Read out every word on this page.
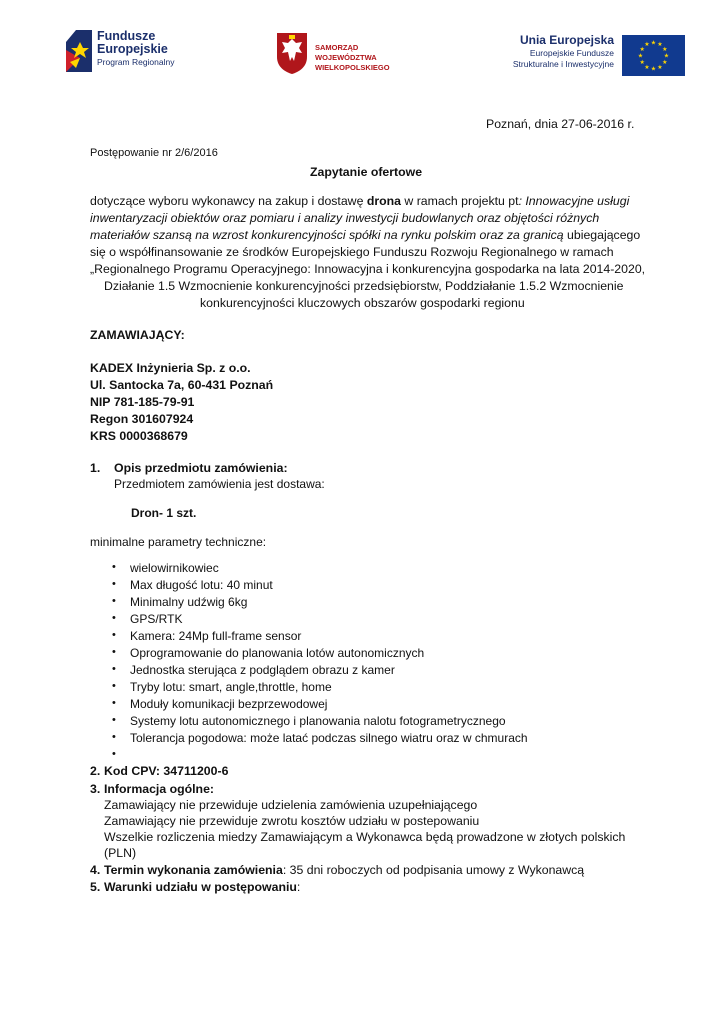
Fundusze
Europejskie
Program Regionalny
SAMORZĄD WOJEWÓDZTWA
WIELKOPOLSKIEGO
Unia Europejska
Europejskie Fundusze
Strukturalne i Inwestycyjne
★ ★
★
★
★
★
★
★
★
★
★
★
Poznań, dnia 27-06-2016 r.
Postępowanie nr 2/6/2016
Zapytanie ofertowe
dotyczące wyboru wykonawcy na zakup i dostawę drona w ramach projektu pt: Innowacyjne usługi
inwentaryzacji obiektów oraz pomiaru i analizy inwestycji budowlanych oraz objętości różnych
materiałów szansą na wzrost konkurencyjności spółki na rynku polskim oraz za granicą ubiegającego
się o współfinansowanie ze środków Europejskiego Funduszu Rozwoju Regionalnego w ramach
„Regionalnego Programu Operacyjnego: Innowacyjna i konkurencyjna gospodarka na lata 2014-2020,
Działanie 1.5 Wzmocnienie konkurencyjności przedsiębiorstw, Poddziałanie 1.5.2 Wzmocnienie
konkurencyjności kluczowych obszarów gospodarki regionu
ZAMAWIAJĄCY:
KADEX Inżynieria Sp. z o.o.
Ul. Santocka 7a, 60-431 Poznań
NIP 781-185-79-91
Regon 301607924
KRS 0000368679
1. Opis przedmiotu zamówienia:
Przedmiotem zamówienia jest dostawa:
Dron- 1 szt.
minimalne parametry techniczne:
• wielowirnikowiec
• Max długość lotu: 40 minut
• Minimalny udźwig 6kg
• GPS/RTK
• Kamera: 24Mp full-frame sensor
• Oprogramowanie do planowania lotów autonomicznych
• Jednostka sterująca z podglądem obrazu z kamer
• Tryby lotu: smart, angle,throttle, home
• Moduły komunikacji bezprzewodowej
• Systemy lotu autonomicznego i planowania nalotu fotogrametrycznego
• Tolerancja pogodowa: może latać podczas silnego wiatru oraz w chmurach
•
2. Kod CPV: 34711200-6
3. Informacja ogólne:
Zamawiający nie przewiduje udzielenia zamówienia uzupełniającego
Zamawiający nie przewiduje zwrotu kosztów udziału w postepowaniu
Wszelkie rozliczenia miedzy Zamawiającym a Wykonawca będą prowadzone w złotych polskich
(PLN)
4. Termin wykonania zamówienia: 35 dni roboczych od podpisania umowy z Wykonawcą
5. Warunki udziału w postępowaniu:
